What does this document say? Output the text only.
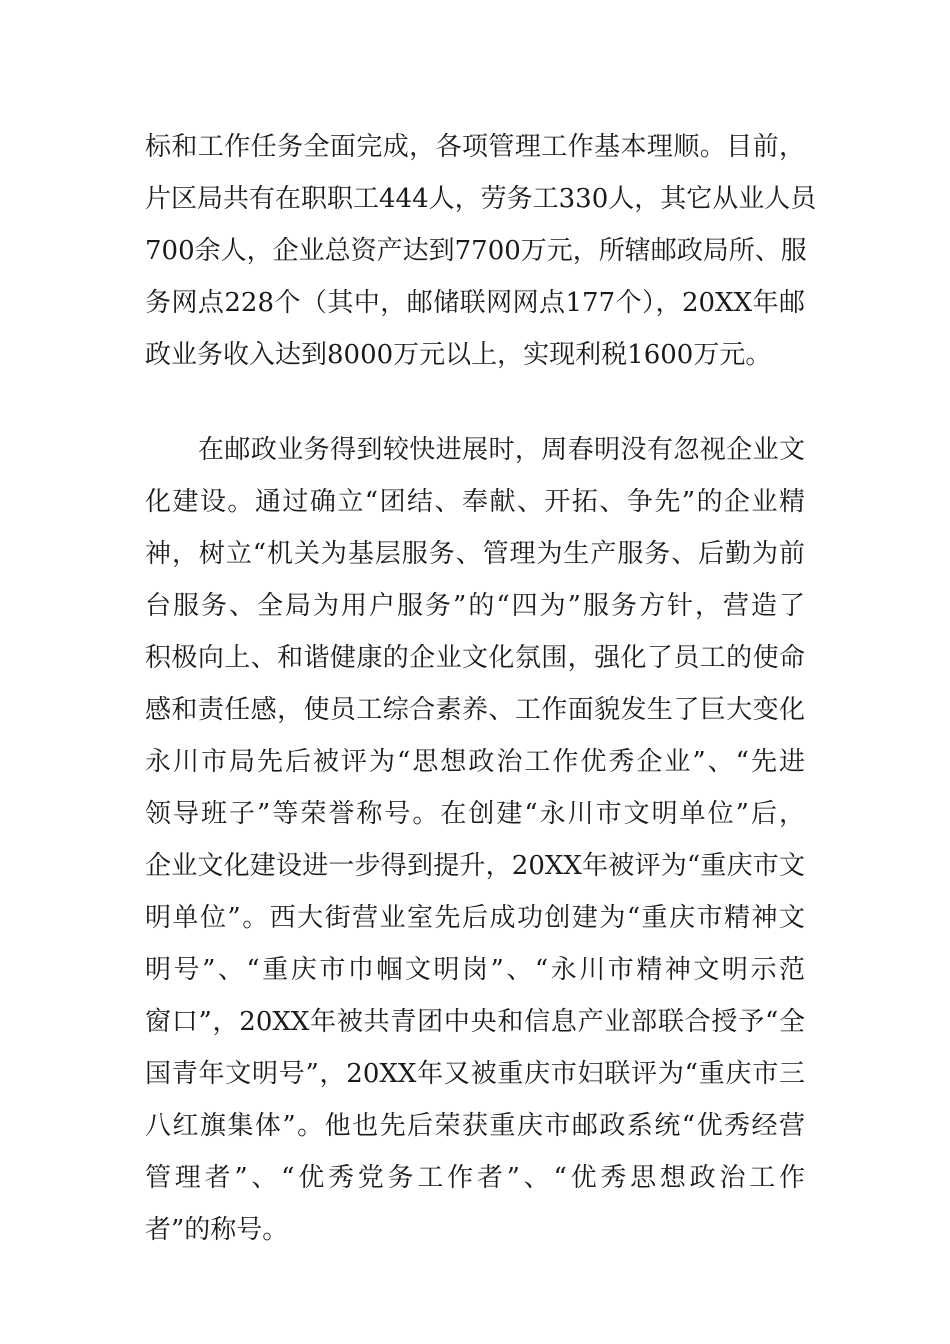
标和工作任务全面完成，各项管理工作基本理顺。目前，
片区局共有在职职工444人，劳务工330人，其它从业人员
700余人，企业总资产达到7700万元，所辖邮政局所、服
务网点228个（其中，邮储联网网点177个），20XX年邮
政业务收入达到8000万元以上，实现利税1600万元。
在邮政业务得到较快进展时，周春明没有忽视企业文
化建设。通过确立“团结、奉献、开拓、争先”的企业精
神，树立“机关为基层服务、管理为生产服务、后勤为前
台服务、全局为用户服务”的“四为”服务方针，营造了
积极向上、和谐健康的企业文化氛围，强化了员工的使命
感和责任感，使员工综合素养、工作面貌发生了巨大变化
永川市局先后被评为“思想政治工作优秀企业”、“先进
领导班子”等荣誉称号。在创建“永川市文明单位”后，
企业文化建设进一步得到提升，20XX年被评为“重庆市文
明单位”。西大街营业室先后成功创建为“重庆市精神文
明号”、“重庆市巾帼文明岗”、“永川市精神文明示范
窗口”，20XX年被共青团中央和信息产业部联合授予“全
国青年文明号”，20XX年又被重庆市妇联评为“重庆市三
八红旗集体”。他也先后荣获重庆市邮政系统“优秀经营
管理者”、“优秀党务工作者”、“优秀思想政治工作
者”的称号。
